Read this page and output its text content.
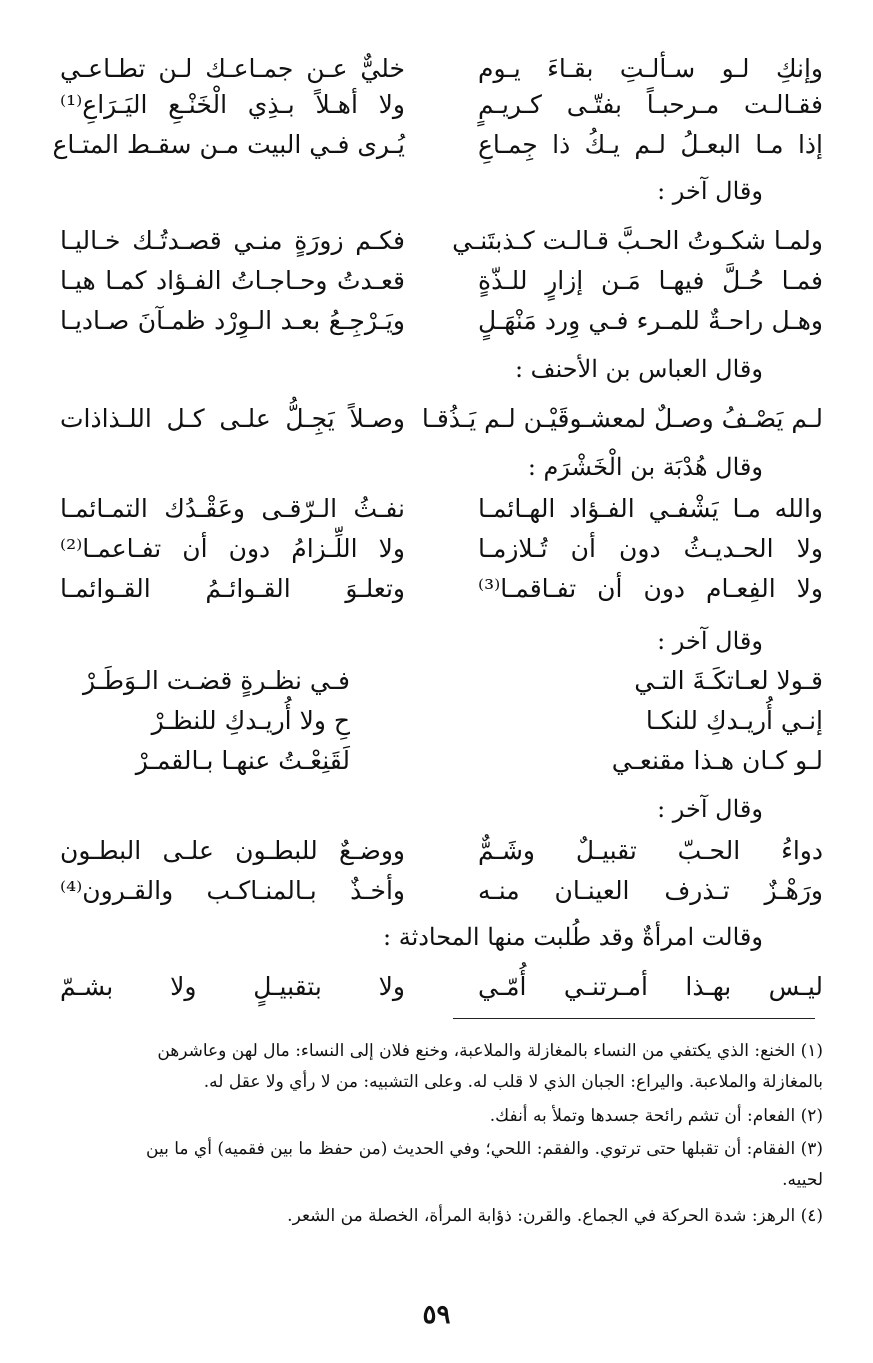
وإنكِ لـو سـألـتِ بقـاءَ يـوم
خليٌّ عـن جمـاعـك لـن تطـاعـي
فقـالـت مـرحبـاً بفتّـى كـريـمٍ
ولا أهـلاً بـذِي الْخَنْـعِ اليَـرَاعِ⁽¹⁾
إذا مـا البعـلُ لـم يـكُ ذا جِمـاعِ
يُـرى فـي البيت مـن سقـط المتـاع
وقال آخر :
ولمـا شكـوتُ الحـبَّ قـالـت كـذبتَنـي
فكـم زورَةٍ منـي قصـدتُـك خـاليـا
فمـا حُـلَّ فيهـا مَـن إزارٍ للـذّةٍ
قعـدتُ وحـاجـاتُ الفـؤاد كمـا هيـا
وهـل راحـةٌ للمـرء فـي وِرد مَنْهَـلٍ
ويَـرْجِـعُ بعـد الـوِرْد ظمـآنَ صـاديـا
وقال العباس بن الأحنف :
لـم يَصْـفُ وصـلٌ لمعشـوقَيْـن لـم يَـذُقـا
وصـلاً يَجِـلُّ علـى كـل اللـذاذات
وقال هُدْبَة بن الْخَشْرَم :
والله مـا يَشْفـي الفـؤاد الهـائمـا
نفـثُ الـرّقـى وعَقْـدُك التمـائمـا
ولا الحـديـثُ دون أن تُـلازمـا
ولا اللِّـزامُ دون أن تفـاعمـا⁽²⁾
ولا الفِعـام دون أن تفـاقمـا⁽³⁾
وتعلـوَ القـوائـمُ القـوائمـا
وقال آخر :
قـولا لعـاتكَـةَ التـي
فـي نظـرةٍ قضـت الـوَطَـرْ
إنـي أُريـدكِ للنكـا
حِ ولا أُريـدكِ للنظـرْ
لـو كـان هـذا مقنعـي
لَقَنِعْـتُ عنهـا بـالقمـرْ
وقال آخر :
دواءُ الحـبّ تقبيـلٌ وشَـمٌّ
ووضـعٌ للبطـون علـى البطـون
ورَهْـزٌ تـذرف العينـان منـه
وأخـذٌ بـالمنـاكـب والقـرون⁽⁴⁾
وقالت امرأةٌ وقد طُلبت منها المحادثة :
ليـس بهـذا أمـرتنـي أُمّـي
ولا بتقبيـلٍ ولا بشـمّ
(١) الخنع: الذي يكتفي من النساء بالمغازلة والملاعبة، وخنع فلان إلى النساء: مال لهن وعاشرهن
بالمغازلة والملاعبة. واليراع: الجبان الذي لا قلب له. وعلى التشبيه: من لا رأي ولا عقل له.
(٢) الفعام: أن تشم رائحة جسدها وتملأ به أنفك.
(٣) الفقام: أن تقبلها حتى ترتوي. والفقم: اللحي؛ وفي الحديث (من حفظ ما بين فقميه) أي ما بين
لحييه.
(٤) الرهز: شدة الحركة في الجماع. والقرن: ذؤابة المرأة، الخصلة من الشعر.
٥٩
